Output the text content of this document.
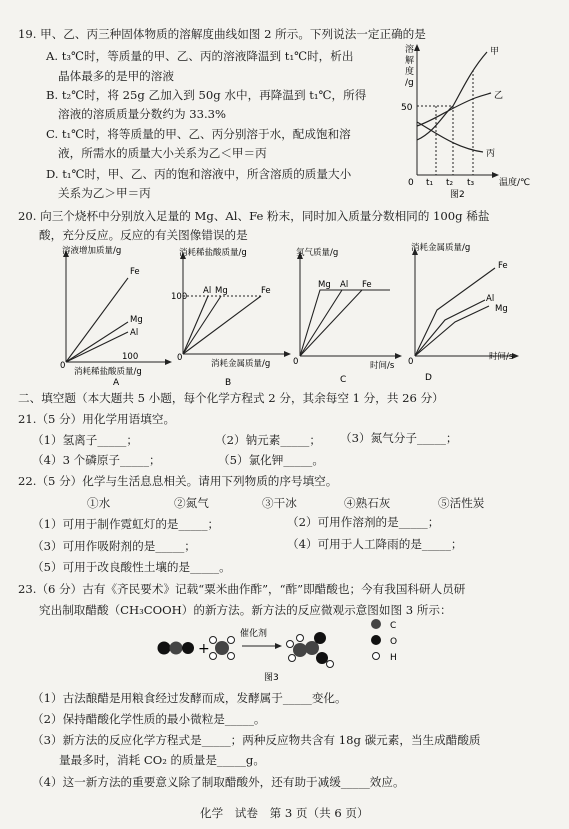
19. 甲、乙、丙三种固体物质的溶解度曲线如图 2 所示。下列说法一定正确的是
A. t₃℃时，等质量的甲、乙、丙的溶液降温到 t₁℃时，析出
晶体最多的是甲的溶液
B. t₂℃时，将 25g 乙加入到 50g 水中，再降温到 t₁℃，所得
溶液的溶质质量分数约为 33.3%
C. t₁℃时，将等质量的甲、乙、丙分别溶于水，配成饱和溶
液，所需水的质量大小关系为乙＜甲＝丙
D. t₁℃时，甲、乙、丙的饱和溶液中，所含溶质的质量大小
关系为乙＞甲＝丙
溶
解
度
/g
50
0 t₁ t₂ t₃	温度/℃
图2
甲
乙
丙
20. 向三个烧杯中分别放入足量的 Mg、Al、Fe 粉末，同时加入质量分数相同的 100g 稀盐
酸，充分反应。反应的有关图像错误的是
溶液增加质量/g
0
100
消耗稀盐酸质量/g
A
Fe
Mg
Al
消耗稀盐酸质量/g
0
100
Al Mg	Fe
消耗金属质量/g
B
氢气质量/g
0
Mg Al Fe
时间/s
C
消耗金属质量/g
0
Fe
Al
Mg
时间/s
D
二、填空题（本大题共 5 小题，每个化学方程式 2 分，其余每空 1 分，共 26 分）
21.（5 分）用化学用语填空。
（1）氢离子_____；	（2）钠元素_____； （3）氮气分子_____；
（4）3 个磷原子_____；	（5）氯化钾_____。
22.（5 分）化学与生活息息相关。请用下列物质的序号填空。
①水	②氮气	③干冰	④熟石灰	⑤活性炭
（1）可用于制作霓虹灯的是_____；	（2）可用作溶剂的是_____；
（3）可用作吸附剂的是_____；	（4）可用于人工降雨的是_____；
（5）可用于改良酸性土壤的是_____。
23.（6 分）古有《齐民要术》记载“粟米曲作酢”，“酢”即醋酸也；今有我国科研人员研
究出制取醋酸（CH₃COOH）的新方法。新方法的反应微观示意图如图 3 所示：
+
催化剂
C
O
H
图3
（1）古法酿醋是用粮食经过发酵而成，发酵属于_____变化。
（2）保持醋酸化学性质的最小微粒是_____。
（3）新方法的反应化学方程式是_____；两种反应物共含有 18g 碳元素，当生成醋酸质
量最多时，消耗 CO₂ 的质量是_____g。
（4）这一新方法的重要意义除了制取醋酸外，还有助于减缓_____效应。
化学　试卷　第 3 页（共 6 页）
